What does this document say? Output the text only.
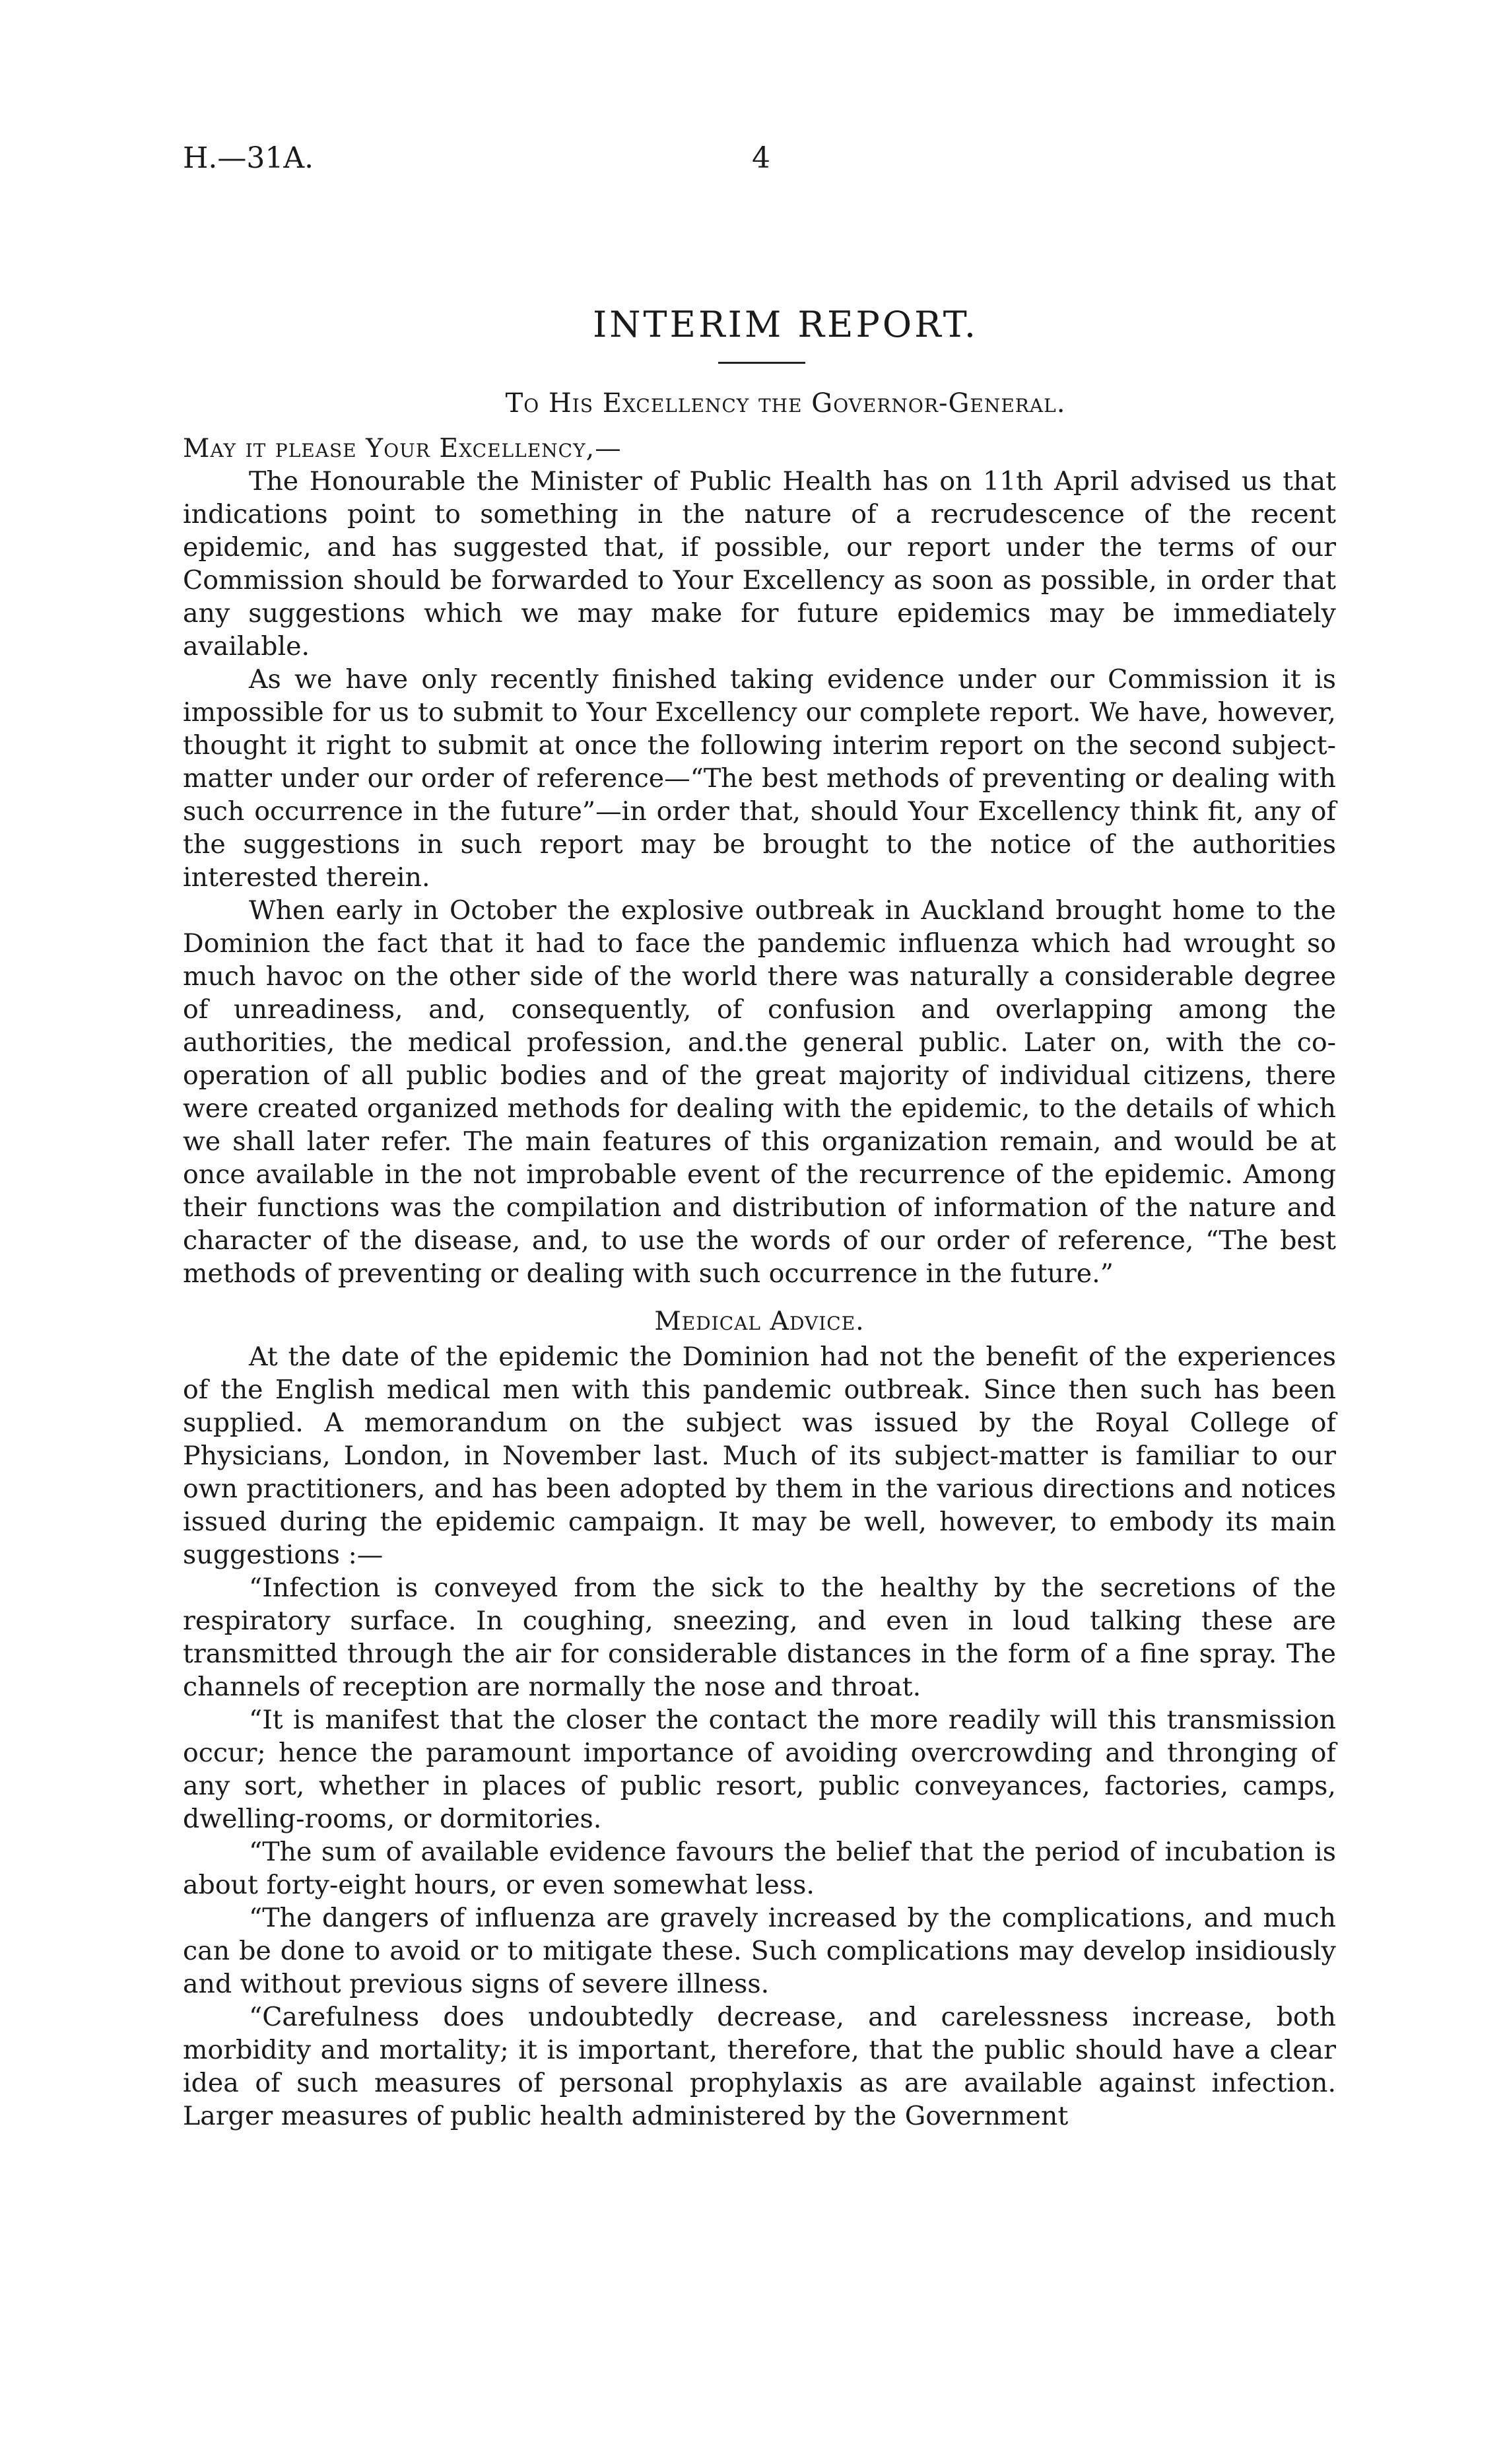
H.—31A.	4
INTERIM REPORT.
To His Excellency the Governor-General.

May it please Your Excellency,—

The Honourable the Minister of Public Health has on 11th April advised us that indications point to something in the nature of a recrudescence of the recent epidemic, and has suggested that, if possible, our report under the terms of our Commission should be forwarded to Your Excellency as soon as possible, in order that any suggestions which we may make for future epidemics may be immediately available.

As we have only recently finished taking evidence under our Commission it is impossible for us to submit to Your Excellency our complete report. We have, however, thought it right to submit at once the following interim report on the second subject-matter under our order of reference—“The best methods of preventing or dealing with such occurrence in the future”—in order that, should Your Excellency think fit, any of the suggestions in such report may be brought to the notice of the authorities interested therein.

When early in October the explosive outbreak in Auckland brought home to the Dominion the fact that it had to face the pandemic influenza which had wrought so much havoc on the other side of the world there was naturally a considerable degree of unreadiness, and, consequently, of confusion and overlapping among the authorities, the medical profession, and.the general public. Later on, with the co-operation of all public bodies and of the great majority of individual citizens, there were created organized methods for dealing with the epidemic, to the details of which we shall later refer. The main features of this organization remain, and would be at once available in the not improbable event of the recurrence of the epidemic. Among their functions was the compilation and distribution of information of the nature and character of the disease, and, to use the words of our order of reference, “The best methods of preventing or dealing with such occurrence in the future.”

Medical Advice.

At the date of the epidemic the Dominion had not the benefit of the experiences of the English medical men with this pandemic outbreak. Since then such has been supplied. A memorandum on the subject was issued by the Royal College of Physicians, London, in November last. Much of its subject-matter is familiar to our own practitioners, and has been adopted by them in the various directions and notices issued during the epidemic campaign. It may be well, however, to embody its main suggestions :—

“Infection is conveyed from the sick to the healthy by the secretions of the respiratory surface. In coughing, sneezing, and even in loud talking these are transmitted through the air for considerable distances in the form of a fine spray. The channels of reception are normally the nose and throat.

“It is manifest that the closer the contact the more readily will this transmission occur; hence the paramount importance of avoiding overcrowding and thronging of any sort, whether in places of public resort, public conveyances, factories, camps, dwelling-rooms, or dormitories.

“The sum of available evidence favours the belief that the period of incubation is about forty-eight hours, or even somewhat less.

“The dangers of influenza are gravely increased by the complications, and much can be done to avoid or to mitigate these. Such complications may develop insidiously and without previous signs of severe illness.

“Carefulness does undoubtedly decrease, and carelessness increase, both morbidity and mortality; it is important, therefore, that the public should have a clear idea of such measures of personal prophylaxis as are available against infection. Larger measures of public health administered by the Government
